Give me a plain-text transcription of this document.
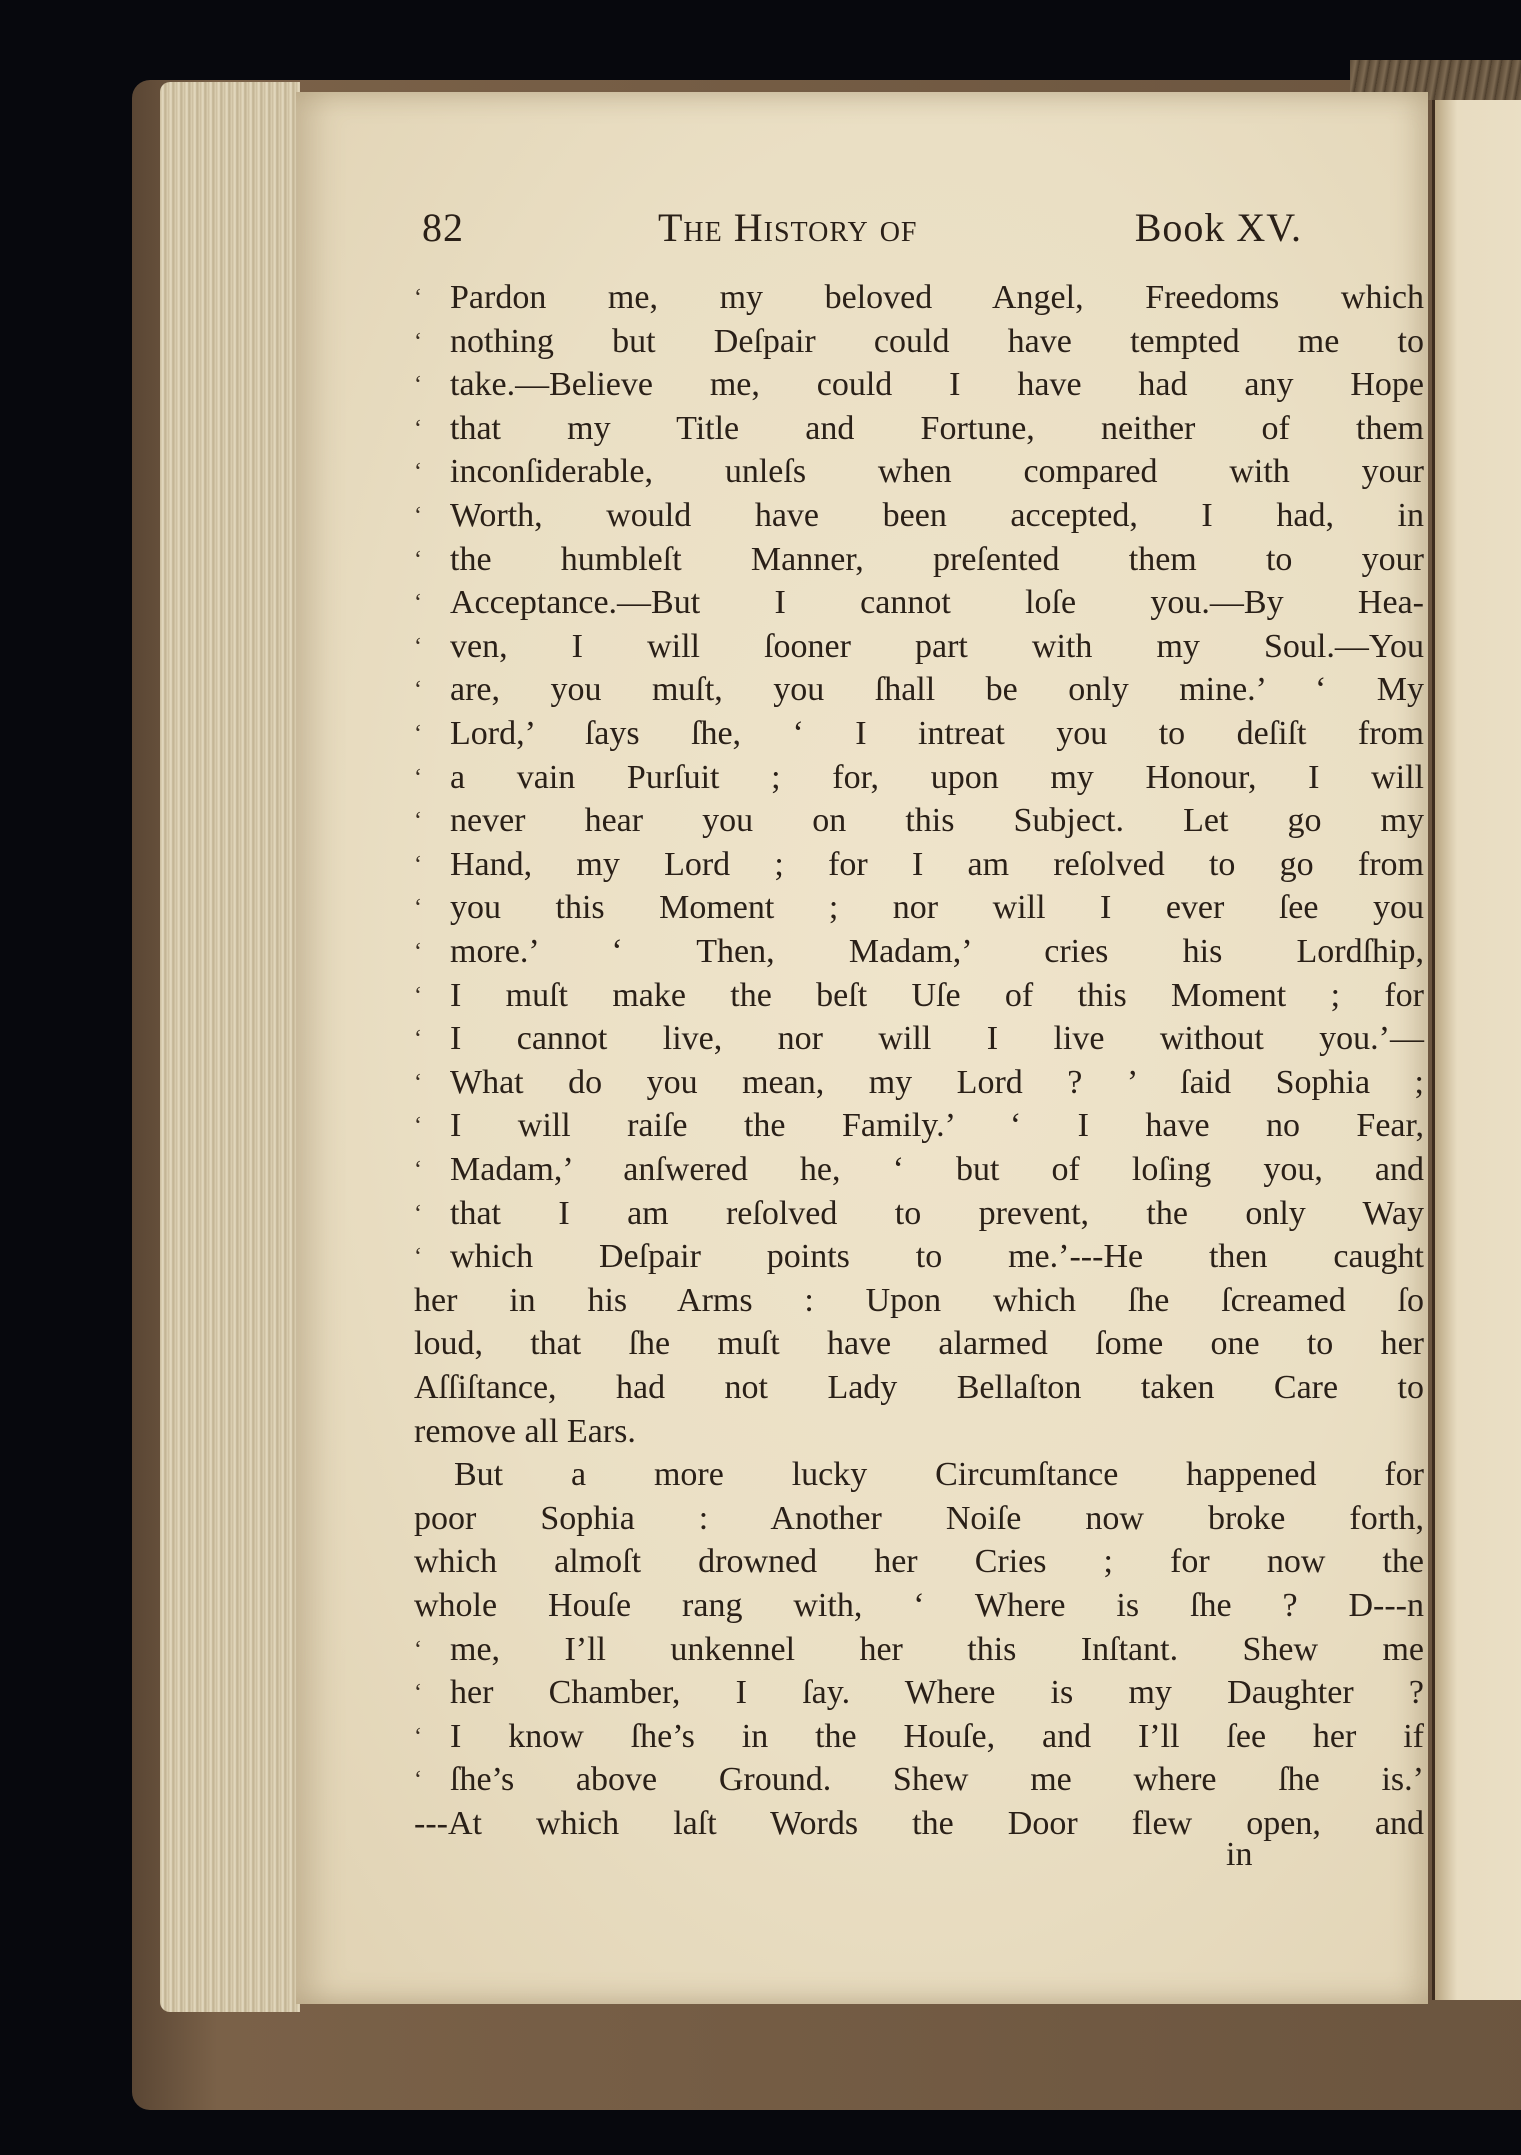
82	The History of	Book XV.
‘ Pardon me, my beloved Angel, Freedoms which
‘ nothing but Deſpair could have tempted me to
‘ take.—Believe me, could I have had any Hope
‘ that my Title and Fortune, neither of them
‘ inconſiderable, unleſs when compared with your
‘ Worth, would have been accepted, I had, in
‘ the humbleſt Manner, preſented them to your
‘ Acceptance.—But I cannot loſe you.—By Hea-
‘ ven, I will ſooner part with my Soul.—You
‘ are, you muſt, you ſhall be only mine.’ ‘ My
‘ Lord,’ ſays ſhe, ‘ I intreat you to deſiſt from
‘ a vain Purſuit ; for, upon my Honour, I will
‘ never hear you on this Subject. Let go my
‘ Hand, my Lord ; for I am reſolved to go from
‘ you this Moment ; nor will I ever ſee you
‘ more.’ ‘ Then, Madam,’ cries his Lordſhip,
‘ I muſt make the beſt Uſe of this Moment ; for
‘ I cannot live, nor will I live without you.’—
‘ What do you mean, my Lord ? ’ ſaid Sophia ;
‘ I will raiſe the Family.’ ‘ I have no Fear,
‘ Madam,’ anſwered he, ‘ but of loſing you, and
‘ that I am reſolved to prevent, the only Way
‘ which Deſpair points to me.’---He then caught
her in his Arms : Upon which ſhe ſcreamed ſo
loud, that ſhe muſt have alarmed ſome one to her
Aſſiſtance, had not Lady Bellaſton taken Care to
remove all Ears.
But a more lucky Circumſtance happened for
poor Sophia : Another Noiſe now broke forth,
which almoſt drowned her Cries ; for now the
whole Houſe rang with, ‘ Where is ſhe ? D---n
‘ me, I’ll unkennel her this Inſtant. Shew me
‘ her Chamber, I ſay. Where is my Daughter ?
‘ I know ſhe’s in the Houſe, and I’ll ſee her if
‘ ſhe’s above Ground. Shew me where ſhe is.’
---At which laſt Words the Door flew open, and
in
